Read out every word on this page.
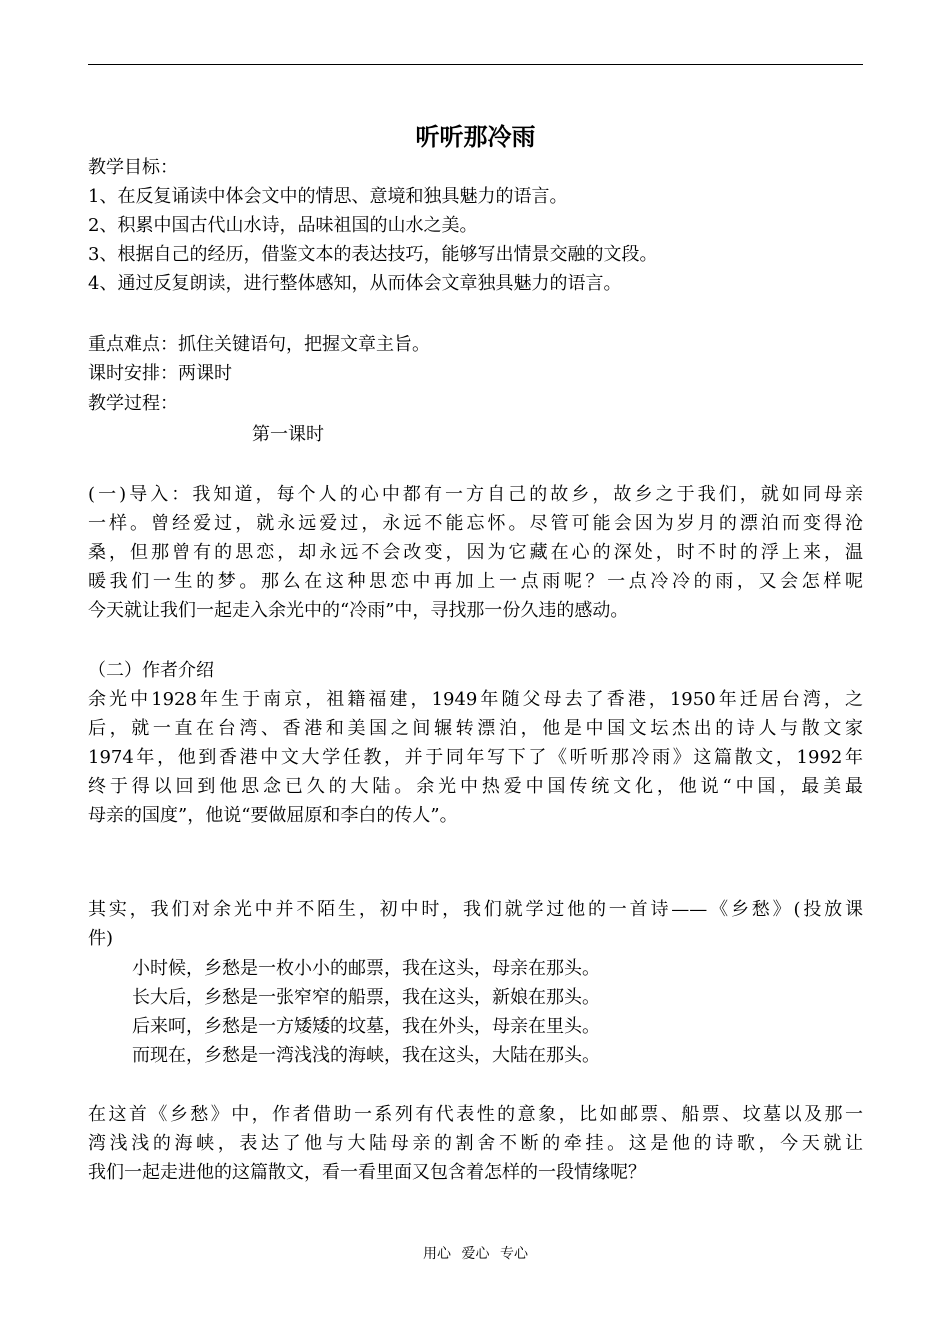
听听那冷雨
教学目标：
1、在反复诵读中体会文中的情思、意境和独具魅力的语言。
2、积累中国古代山水诗，品味祖国的山水之美。
3、根据自己的经历，借鉴文本的表达技巧，能够写出情景交融的文段。
4、通过反复朗读，进行整体感知，从而体会文章独具魅力的语言。
重点难点：抓住关键语句，把握文章主旨。
课时安排：两课时
教学过程：
第一课时
(一)导入：我知道，每个人的心中都有一方自己的故乡，故乡之于我们，就如同母亲
一样。曾经爱过，就永远爱过，永远不能忘怀。尽管可能会因为岁月的漂泊而变得沧
桑，但那曾有的思恋，却永远不会改变，因为它藏在心的深处，时不时的浮上来，温
暖我们一生的梦。那么在这种思恋中再加上一点雨呢？一点冷冷的雨，又会怎样呢
今天就让我们一起走入余光中的“冷雨”中，寻找那一份久违的感动。
（二）作者介绍
余光中1928年生于南京，祖籍福建，1949年随父母去了香港，1950年迁居台湾，之
后，就一直在台湾、香港和美国之间辗转漂泊，他是中国文坛杰出的诗人与散文家
1974年，他到香港中文大学任教，并于同年写下了《听听那冷雨》这篇散文，1992年
终于得以回到他思念已久的大陆。余光中热爱中国传统文化，他说“中国，最美最
母亲的国度”，他说“要做屈原和李白的传人”。
其实，我们对余光中并不陌生，初中时，我们就学过他的一首诗——《乡愁》(投放课
件)
小时候，乡愁是一枚小小的邮票，我在这头，母亲在那头。
长大后，乡愁是一张窄窄的船票，我在这头，新娘在那头。
后来呵，乡愁是一方矮矮的坟墓，我在外头，母亲在里头。
而现在，乡愁是一湾浅浅的海峡，我在这头，大陆在那头。
在这首《乡愁》中，作者借助一系列有代表性的意象，比如邮票、船票、坟墓以及那一
湾浅浅的海峡，表达了他与大陆母亲的割舍不断的牵挂。这是他的诗歌，今天就让
我们一起走进他的这篇散文，看一看里面又包含着怎样的一段情缘呢？
用心 爱心 专心
